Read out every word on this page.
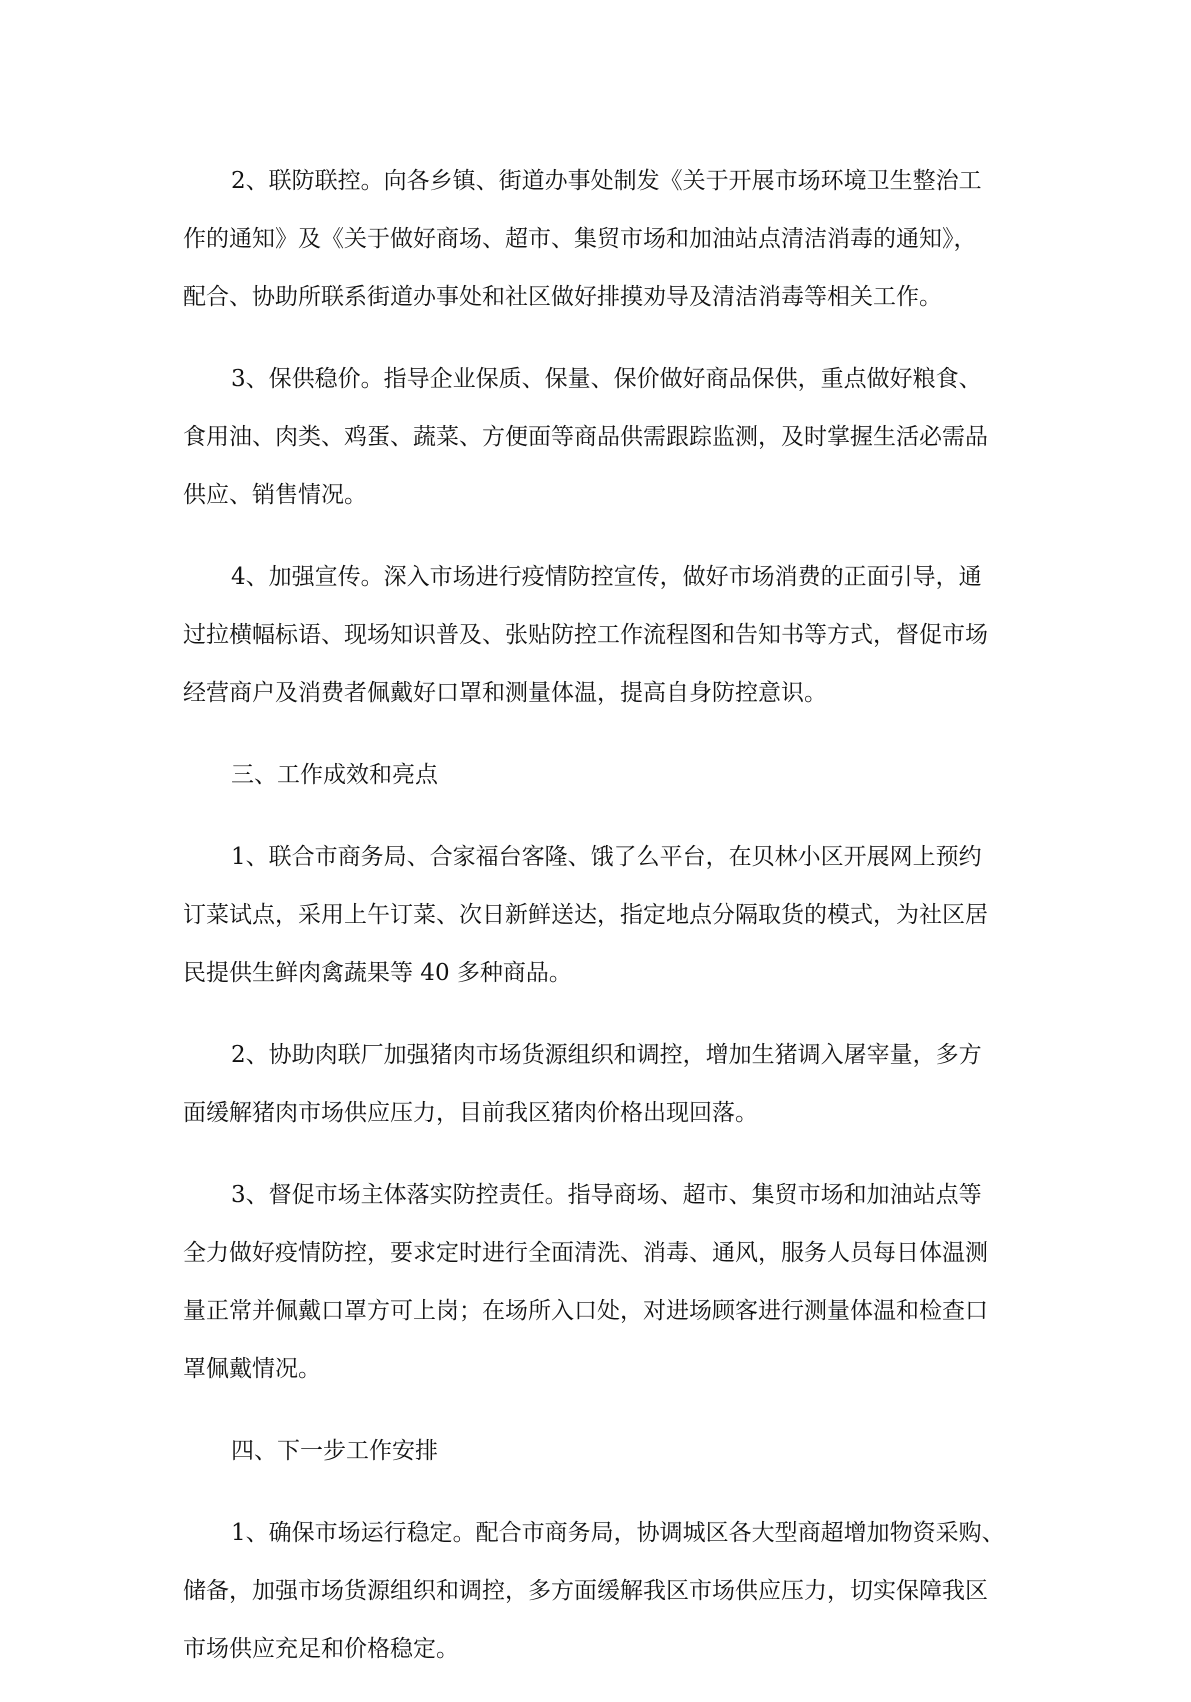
2、联防联控。向各乡镇、街道办事处制发《关于开展市场环境卫生整治工
作的通知》及《关于做好商场、超市、集贸市场和加油站点清洁消毒的通知》，
配合、协助所联系街道办事处和社区做好排摸劝导及清洁消毒等相关工作。
3、保供稳价。指导企业保质、保量、保价做好商品保供，重点做好粮食、
食用油、肉类、鸡蛋、蔬菜、方便面等商品供需跟踪监测，及时掌握生活必需品
供应、销售情况。
4、加强宣传。深入市场进行疫情防控宣传，做好市场消费的正面引导，通
过拉横幅标语、现场知识普及、张贴防控工作流程图和告知书等方式，督促市场
经营商户及消费者佩戴好口罩和测量体温，提高自身防控意识。
三、工作成效和亮点
1、联合市商务局、合家福台客隆、饿了么平台，在贝林小区开展网上预约
订菜试点，采用上午订菜、次日新鲜送达，指定地点分隔取货的模式，为社区居
民提供生鲜肉禽蔬果等 40 多种商品。
2、协助肉联厂加强猪肉市场货源组织和调控，增加生猪调入屠宰量，多方
面缓解猪肉市场供应压力，目前我区猪肉价格出现回落。
3、督促市场主体落实防控责任。指导商场、超市、集贸市场和加油站点等
全力做好疫情防控，要求定时进行全面清洗、消毒、通风，服务人员每日体温测
量正常并佩戴口罩方可上岗；在场所入口处，对进场顾客进行测量体温和检查口
罩佩戴情况。
四、下一步工作安排
1、确保市场运行稳定。配合市商务局，协调城区各大型商超增加物资采购、
储备，加强市场货源组织和调控，多方面缓解我区市场供应压力，切实保障我区
市场供应充足和价格稳定。
